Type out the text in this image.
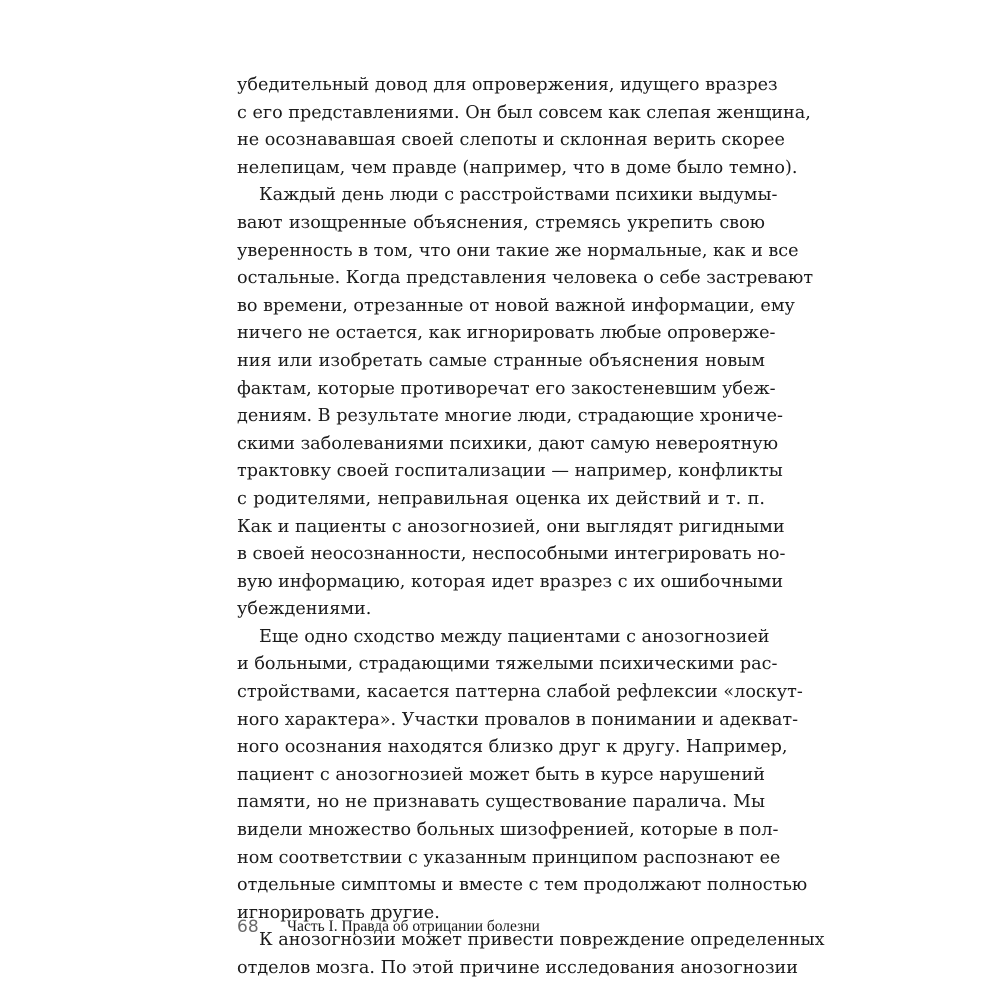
убедительный довод для опровержения, идущего вразрез
с его представлениями. Он был совсем как слепая женщина,
не осознававшая своей слепоты и склонная верить скорее
нелепицам, чем правде (например, что в доме было темно).
Каждый день люди с расстройствами психики выдумы-
вают изощренные объяснения, стремясь укрепить свою
уверенность в том, что они такие же нормальные, как и все
остальные. Когда представления человека о себе застревают
во времени, отрезанные от новой важной информации, ему
ничего не остается, как игнорировать любые опроверже-
ния или изобретать самые странные объяснения новым
фактам, которые противоречат его закостеневшим убеж-
дениям. В результате многие люди, страдающие хрониче-
скими заболеваниями психики, дают самую невероятную
трактовку своей госпитализации — например, конфликты
с родителями, неправильная оценка их действий и т. п.
Как и пациенты с анозогнозией, они выглядят ригидными
в своей неосознанности, неспособными интегрировать но-
вую информацию, которая идет вразрез с их ошибочными
убеждениями.
Еще одно сходство между пациентами с анозогнозией
и больными, страдающими тяжелыми психическими рас-
стройствами, касается паттерна слабой рефлексии «лоскут-
ного характера». Участки провалов в понимании и адекват-
ного осознания находятся близко друг к другу. Например,
пациент с анозогнозией может быть в курсе нарушений
памяти, но не признавать существование паралича. Мы
видели множество больных шизофренией, которые в пол-
ном соответствии с указанным принципом распознают ее
отдельные симптомы и вместе с тем продолжают полностью
игнорировать другие.
К анозогнозии может привести повреждение определенных
отделов мозга. По этой причине исследования анозогнозии
68 Часть I. Правда об отрицании болезни
